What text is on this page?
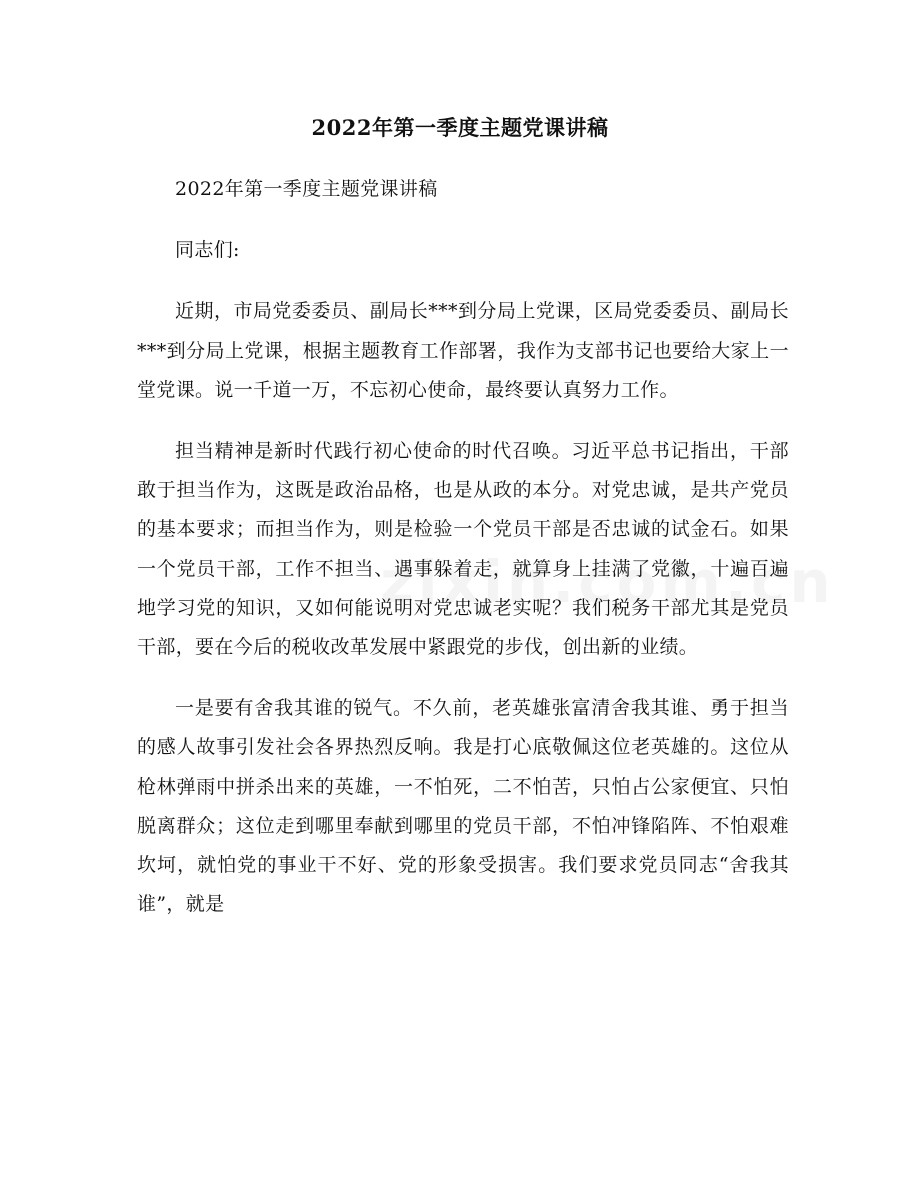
2022年第一季度主题党课讲稿

2022年第一季度主题党课讲稿

同志们:

近期，市局党委委员、副局长***到分局上党课，区局党委委员、副局长***到分局上党课，根据主题教育工作部署，我作为支部书记也要给大家上一堂党课。说一千道一万，不忘初心使命，最终要认真努力工作。

担当精神是新时代践行初心使命的时代召唤。习近平总书记指出，干部敢于担当作为，这既是政治品格，也是从政的本分。对党忠诚，是共产党员的基本要求；而担当作为，则是检验一个党员干部是否忠诚的试金石。如果一个党员干部，工作不担当、遇事躲着走，就算身上挂满了党徽，十遍百遍地学习党的知识，又如何能说明对党忠诚老实呢？我们税务干部尤其是党员干部，要在今后的税收改革发展中紧跟党的步伐，创出新的业绩。

一是要有舍我其谁的锐气。不久前，老英雄张富清舍我其谁、勇于担当的感人故事引发社会各界热烈反响。我是打心底敬佩这位老英雄的。这位从枪林弹雨中拼杀出来的英雄，一不怕死，二不怕苦，只怕占公家便宜、只怕脱离群众；这位走到哪里奉献到哪里的党员干部，不怕冲锋陷阵、不怕艰难坎坷，就怕党的事业干不好、党的形象受损害。我们要求党员同志“舍我其谁”，就是
